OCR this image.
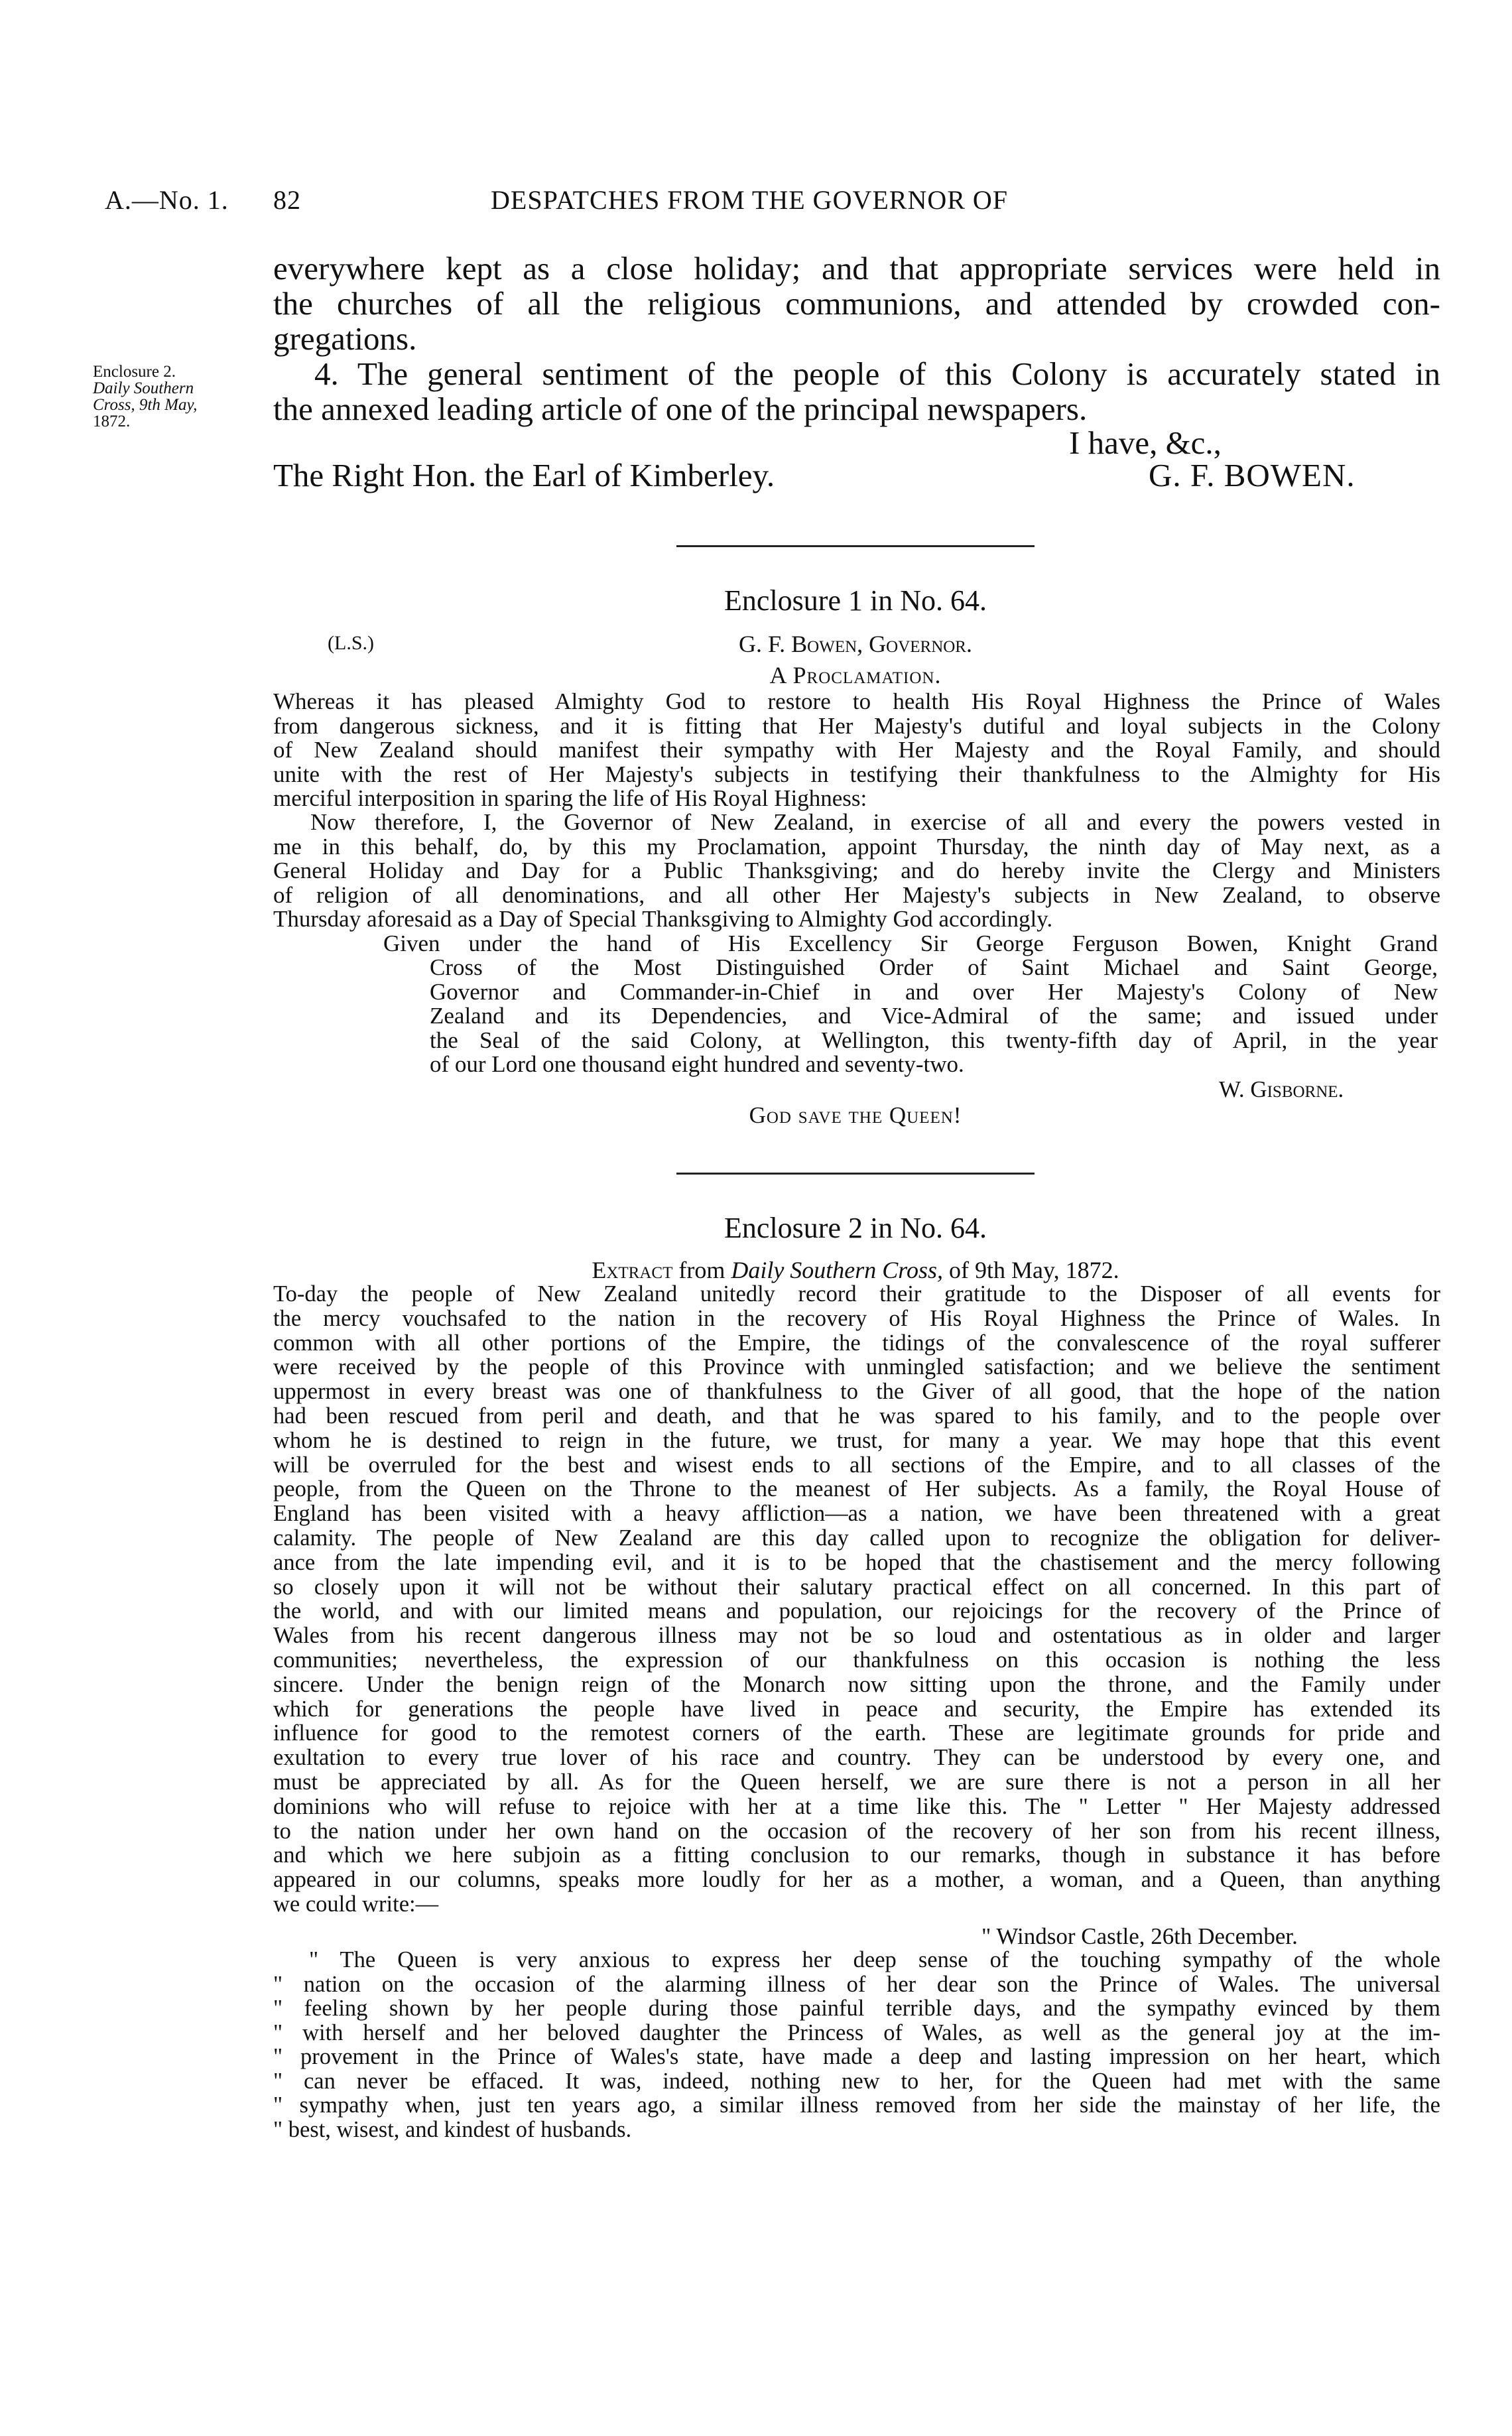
A.—No. 1.	82	DESPATCHES FROM THE GOVERNOR OF
Enclosure 2.
Daily Southern
Cross, 9th May,
1872.
everywhere kept as a close holiday; and that appropriate services were held in
the churches of all the religious communions, and attended by crowded con-
gregations.
4. The general sentiment of the people of this Colony is accurately stated in
the annexed leading article of one of the principal newspapers.
I have, &c.,
The Right Hon. the Earl of Kimberley.	G. F. BOWEN.
Enclosure 1 in No. 64.
(L.S.)	G. F. Bowen, Governor.
A Proclamation.
Whereas it has pleased Almighty God to restore to health His Royal Highness the Prince of Wales
from dangerous sickness, and it is fitting that Her Majesty's dutiful and loyal subjects in the Colony
of New Zealand should manifest their sympathy with Her Majesty and the Royal Family, and should
unite with the rest of Her Majesty's subjects in testifying their thankfulness to the Almighty for His
merciful interposition in sparing the life of His Royal Highness:
Now therefore, I, the Governor of New Zealand, in exercise of all and every the powers vested in
me in this behalf, do, by this my Proclamation, appoint Thursday, the ninth day of May next, as a
General Holiday and Day for a Public Thanksgiving; and do hereby invite the Clergy and Ministers
of religion of all denominations, and all other Her Majesty's subjects in New Zealand, to observe
Thursday aforesaid as a Day of Special Thanksgiving to Almighty God accordingly.
Given under the hand of His Excellency Sir George Ferguson Bowen, Knight Grand
Cross of the Most Distinguished Order of Saint Michael and Saint George,
Governor and Commander-in-Chief in and over Her Majesty's Colony of New
Zealand and its Dependencies, and Vice-Admiral of the same; and issued under
the Seal of the said Colony, at Wellington, this twenty-fifth day of April, in the year
of our Lord one thousand eight hundred and seventy-two.
W. Gisborne.
God save the Queen!
Enclosure 2 in No. 64.
Extract from Daily Southern Cross, of 9th May, 1872.
To-day the people of New Zealand unitedly record their gratitude to the Disposer of all events for
the mercy vouchsafed to the nation in the recovery of His Royal Highness the Prince of Wales. In
common with all other portions of the Empire, the tidings of the convalescence of the royal sufferer
were received by the people of this Province with unmingled satisfaction; and we believe the sentiment
uppermost in every breast was one of thankfulness to the Giver of all good, that the hope of the nation
had been rescued from peril and death, and that he was spared to his family, and to the people over
whom he is destined to reign in the future, we trust, for many a year. We may hope that this event
will be overruled for the best and wisest ends to all sections of the Empire, and to all classes of the
people, from the Queen on the Throne to the meanest of Her subjects. As a family, the Royal House of
England has been visited with a heavy affliction—as a nation, we have been threatened with a great
calamity. The people of New Zealand are this day called upon to recognize the obligation for deliver-
ance from the late impending evil, and it is to be hoped that the chastisement and the mercy following
so closely upon it will not be without their salutary practical effect on all concerned. In this part of
the world, and with our limited means and population, our rejoicings for the recovery of the Prince of
Wales from his recent dangerous illness may not be so loud and ostentatious as in older and larger
communities; nevertheless, the expression of our thankfulness on this occasion is nothing the less
sincere. Under the benign reign of the Monarch now sitting upon the throne, and the Family under
which for generations the people have lived in peace and security, the Empire has extended its
influence for good to the remotest corners of the earth. These are legitimate grounds for pride and
exultation to every true lover of his race and country. They can be understood by every one, and
must be appreciated by all. As for the Queen herself, we are sure there is not a person in all her
dominions who will refuse to rejoice with her at a time like this. The " Letter " Her Majesty addressed
to the nation under her own hand on the occasion of the recovery of her son from his recent illness,
and which we here subjoin as a fitting conclusion to our remarks, though in substance it has before
appeared in our columns, speaks more loudly for her as a mother, a woman, and a Queen, than anything
we could write:—
" Windsor Castle, 26th December.
" The Queen is very anxious to express her deep sense of the touching sympathy of the whole
" nation on the occasion of the alarming illness of her dear son the Prince of Wales. The universal
" feeling shown by her people during those painful terrible days, and the sympathy evinced by them
" with herself and her beloved daughter the Princess of Wales, as well as the general joy at the im-
" provement in the Prince of Wales's state, have made a deep and lasting impression on her heart, which
" can never be effaced. It was, indeed, nothing new to her, for the Queen had met with the same
" sympathy when, just ten years ago, a similar illness removed from her side the mainstay of her life, the
" best, wisest, and kindest of husbands.
